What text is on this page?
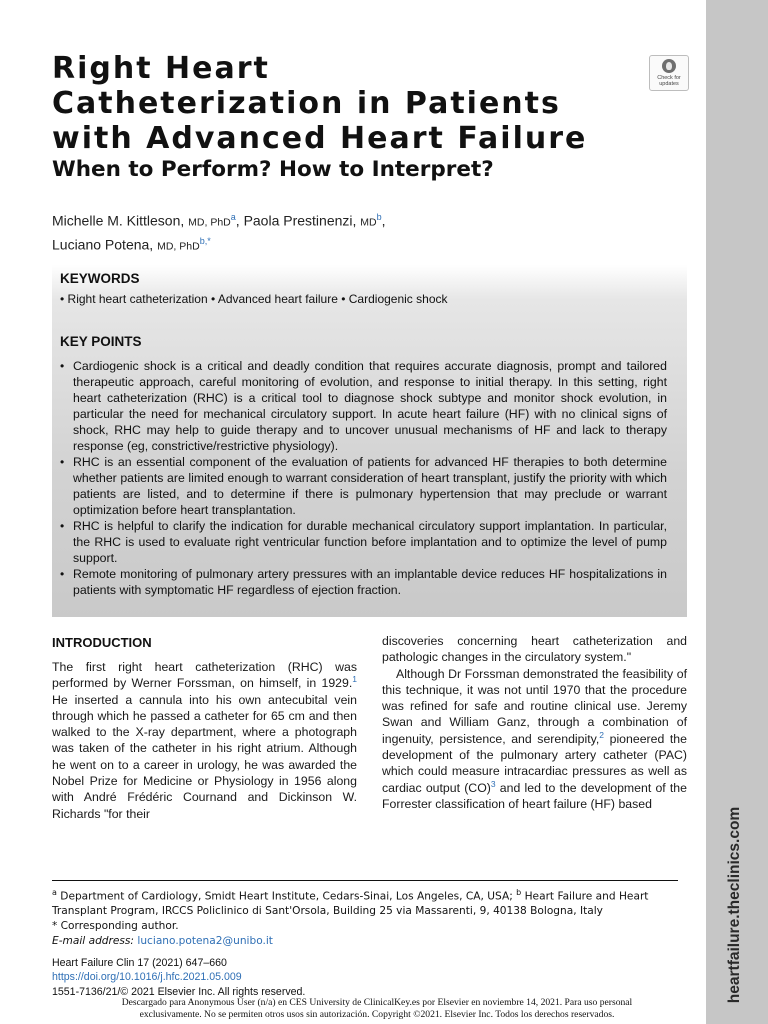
heartfailure.theclinics.com
Check for updates
Right Heart
Catheterization in Patients
with Advanced Heart Failure
When to Perform? How to Interpret?
Michelle M. Kittleson, MD, PhD$^a$, Paola Prestinenzi, $MD^b$,
Luciano Potena, MD, PhD$^{b,*}$
KEYWORDS
• Right heart catheterization • Advanced heart failure • Cardiogenic shock
KEY POINTS
• Cardiogenic shock is a critical and deadly condition that requires accurate diagnosis, prompt and tailored therapeutic approach, careful monitoring of evolution, and response to initial therapy. In this setting, right heart catheterization (RHC) is a critical tool to diagnose shock subtype and monitor shock evolution, in particular the need for mechanical circulatory support. In acute heart failure (HF) with no clinical signs of shock, RHC may help to guide therapy and to uncover unusual mechanisms of HF and lack to therapy response (eg, constrictive/restrictive physiology).
• RHC is an essential component of the evaluation of patients for advanced HF therapies to both determine whether patients are limited enough to warrant consideration of heart transplant, justify the priority with which patients are listed, and to determine if there is pulmonary hypertension that may preclude or warrant optimization before heart transplantation.
• RHC is helpful to clarify the indication for durable mechanical circulatory support implantation. In particular, the RHC is used to evaluate right ventricular function before implantation and to optimize the level of pump support.
• Remote monitoring of pulmonary artery pressures with an implantable device reduces HF hospitalizations in patients with symptomatic HF regardless of ejection fraction.
INTRODUCTION

The first right heart catheterization (RHC) was performed by Werner Forssman, on himself, in 1929.$^1$ He inserted a cannula into his own antecubital vein through which he passed a catheter for 65 cm and then walked to the X-ray department, where a photograph was taken of the catheter in his right atrium. Although he went on to a career in urology, he was awarded the Nobel Prize for Medicine or Physiology in 1956 along with André Frédéric Cournand and Dickinson W. Richards "for their

discoveries concerning heart catheterization and pathologic changes in the circulatory system."

Although Dr Forssman demonstrated the feasibility of this technique, it was not until 1970 that the procedure was refined for safe and routine clinical use. Jeremy Swan and William Ganz, through a combination of ingenuity, persistence, and serendipity,$^2$ pioneered the development of the pulmonary artery catheter (PAC) which could measure intracardiac pressures as well as cardiac output (CO)$^3$ and led to the development of the Forrester classification of heart failure (HF) based

$^a$ Department of Cardiology, Smidt Heart Institute, Cedars-Sinai, Los Angeles, CA, USA; $^b$ Heart Failure and Heart Transplant Program, IRCCS Policlinico di Sant'Orsola, Building 25 via Massarenti, 9, 40138 Bologna, Italy

* Corresponding author.

E-mail address: luciano.potena2@unibo.it

Heart Failure Clin 17 (2021) 647–660
https://doi.org/10.1016/j.hfc.2021.05.009
1551-7136/21/© 2021 Elsevier Inc. All rights reserved.
Descargado para Anonymous User (n/a) en CES University de ClinicalKey.es por Elsevier en noviembre 14, 2021. Para uso personal
exclusivamente. No se permiten otros usos sin autorización. Copyright ©2021. Elsevier Inc. Todos los derechos reservados.
